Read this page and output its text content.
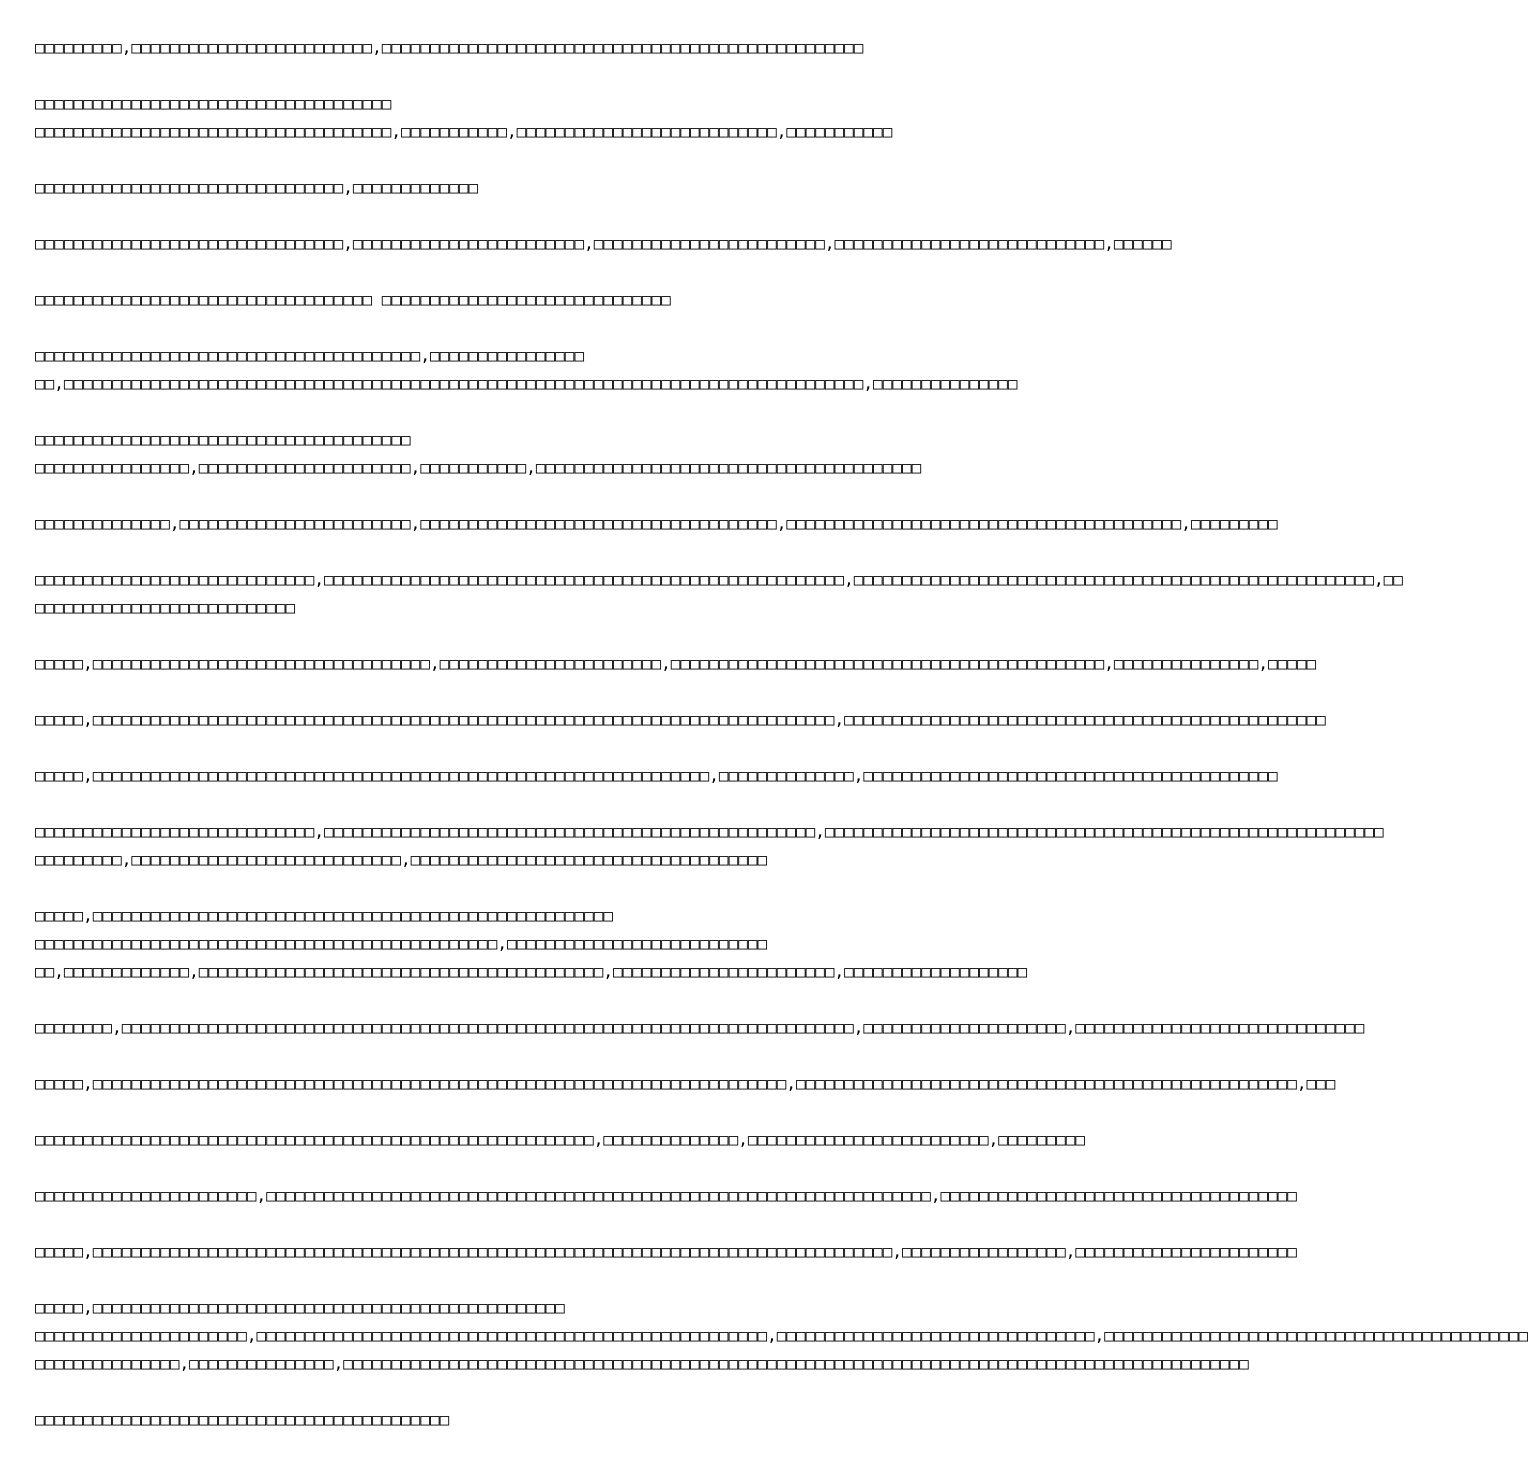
□□□□□□□□□,□□□□□□□□□□□□□□□□□□□□□□□□□,□□□□□□□□□□□□□□□□□□□□□□□□□□□□□□□□□□□□□□□□□□□□□□□□□□
□□□□□□□□□□□□□□□□□□□□□□□□□□□□□□□□□□□□□
□□□□□□□□□□□□□□□□□□□□□□□□□□□□□□□□□□□□□,□□□□□□□□□□□,□□□□□□□□□□□□□□□□□□□□□□□□□□□,□□□□□□□□□□□
□□□□□□□□□□□□□□□□□□□□□□□□□□□□□□□□,□□□□□□□□□□□□□
□□□□□□□□□□□□□□□□□□□□□□□□□□□□□□□□,□□□□□□□□□□□□□□□□□□□□□□□□,□□□□□□□□□□□□□□□□□□□□□□□□,□□□□□□□□□□□□□□□□□□□□□□□□□□□□,□□□□□□
□□□□□□□□□□□□□□□□□□□□□□□□□□□□□□□□□□□ □□□□□□□□□□□□□□□□□□□□□□□□□□□□□□
□□□□□□□□□□□□□□□□□□□□□□□□□□□□□□□□□□□□□□□□,□□□□□□□□□□□□□□□□
□□,□□□□□□□□□□□□□□□□□□□□□□□□□□□□□□□□□□□□□□□□□□□□□□□□□□□□□□□□□□□□□□□□□□□□□□□□□□□□□□□□□□□,□□□□□□□□□□□□□□□
□□□□□□□□□□□□□□□□□□□□□□□□□□□□□□□□□□□□□□□
□□□□□□□□□□□□□□□□,□□□□□□□□□□□□□□□□□□□□□□,□□□□□□□□□□□,□□□□□□□□□□□□□□□□□□□□□□□□□□□□□□□□□□□□□□□□
□□□□□□□□□□□□□□,□□□□□□□□□□□□□□□□□□□□□□□□,□□□□□□□□□□□□□□□□□□□□□□□□□□□□□□□□□□□□□,□□□□□□□□□□□□□□□□□□□□□□□□□□□□□□□□□□□□□□□□□,□□□□□□□□□
□□□□□□□□□□□□□□□□□□□□□□□□□□□□□,□□□□□□□□□□□□□□□□□□□□□□□□□□□□□□□□□□□□□□□□□□□□□□□□□□□□□□,□□□□□□□□□□□□□□□□□□□□□□□□□□□□□□□□□□□□□□□□□□□□□□□□□□□□□□,□□
□□□□□□□□□□□□□□□□□□□□□□□□□□□
□□□□□,□□□□□□□□□□□□□□□□□□□□□□□□□□□□□□□□□□□,□□□□□□□□□□□□□□□□□□□□□□□,□□□□□□□□□□□□□□□□□□□□□□□□□□□□□□□□□□□□□□□□□□□□□,□□□□□□□□□□□□□□□,□□□□□
□□□□□,□□□□□□□□□□□□□□□□□□□□□□□□□□□□□□□□□□□□□□□□□□□□□□□□□□□□□□□□□□□□□□□□□□□□□□□□□□□□□,□□□□□□□□□□□□□□□□□□□□□□□□□□□□□□□□□□□□□□□□□□□□□□□□□□
□□□□□,□□□□□□□□□□□□□□□□□□□□□□□□□□□□□□□□□□□□□□□□□□□□□□□□□□□□□□□□□□□□□□□□,□□□□□□□□□□□□□□,□□□□□□□□□□□□□□□□□□□□□□□□□□□□□□□□□□□□□□□□□□□
□□□□□□□□□□□□□□□□□□□□□□□□□□□□□,□□□□□□□□□□□□□□□□□□□□□□□□□□□□□□□□□□□□□□□□□□□□□□□□□□□,□□□□□□□□□□□□□□□□□□□□□□□□□□□□□□□□□□□□□□□□□□□□□□□□□□□□□□□□□□
□□□□□□□□□,□□□□□□□□□□□□□□□□□□□□□□□□□□□□,□□□□□□□□□□□□□□□□□□□□□□□□□□□□□□□□□□□□□
□□□□□,□□□□□□□□□□□□□□□□□□□□□□□□□□□□□□□□□□□□□□□□□□□□□□□□□□□□□□
□□□□□□□□□□□□□□□□□□□□□□□□□□□□□□□□□□□□□□□□□□□□□□□□,□□□□□□□□□□□□□□□□□□□□□□□□□□□
□□,□□□□□□□□□□□□□,□□□□□□□□□□□□□□□□□□□□□□□□□□□□□□□□□□□□□□□□□□,□□□□□□□□□□□□□□□□□□□□□□□,□□□□□□□□□□□□□□□□□□□
□□□□□□□□,□□□□□□□□□□□□□□□□□□□□□□□□□□□□□□□□□□□□□□□□□□□□□□□□□□□□□□□□□□□□□□□□□□□□□□□□□□□□,□□□□□□□□□□□□□□□□□□□□□,□□□□□□□□□□□□□□□□□□□□□□□□□□□□□□
□□□□□,□□□□□□□□□□□□□□□□□□□□□□□□□□□□□□□□□□□□□□□□□□□□□□□□□□□□□□□□□□□□□□□□□□□□□□□□,□□□□□□□□□□□□□□□□□□□□□□□□□□□□□□□□□□□□□□□□□□□□□□□□□□□□,□□□
□□□□□□□□□□□□□□□□□□□□□□□□□□□□□□□□□□□□□□□□□□□□□□□□□□□□□□□□□□,□□□□□□□□□□□□□□,□□□□□□□□□□□□□□□□□□□□□□□□□,□□□□□□□□□
□□□□□□□□□□□□□□□□□□□□□□□,□□□□□□□□□□□□□□□□□□□□□□□□□□□□□□□□□□□□□□□□□□□□□□□□□□□□□□□□□□□□□□□□□□□□□,□□□□□□□□□□□□□□□□□□□□□□□□□□□□□□□□□□□□□
□□□□□,□□□□□□□□□□□□□□□□□□□□□□□□□□□□□□□□□□□□□□□□□□□□□□□□□□□□□□□□□□□□□□□□□□□□□□□□□□□□□□□□□□□,□□□□□□□□□□□□□□□□□,□□□□□□□□□□□□□□□□□□□□□□□
□□□□□,□□□□□□□□□□□□□□□□□□□□□□□□□□□□□□□□□□□□□□□□□□□□□□□□□
□□□□□□□□□□□□□□□□□□□□□□,□□□□□□□□□□□□□□□□□□□□□□□□□□□□□□□□□□□□□□□□□□□□□□□□□□□□□,□□□□□□□□□□□□□□□□□□□□□□□□□□□□□□□□□,□□□□□□□□□□□□□□□□□□□□□□□□□□□□□□□□□□□□□□□□□□□□
□□□□□□□□□□□□□□□,□□□□□□□□□□□□□□□,□□□□□□□□□□□□□□□□□□□□□□□□□□□□□□□□□□□□□□□□□□□□□□□□□□□□□□□□□□□□□□□□□□□□□□□□□□□□□□□□□□□□□□□□□□□□□□
□□□□□□□□□□□□□□□□□□□□□□□□□□□□□□□□□□□□□□□□□□□
